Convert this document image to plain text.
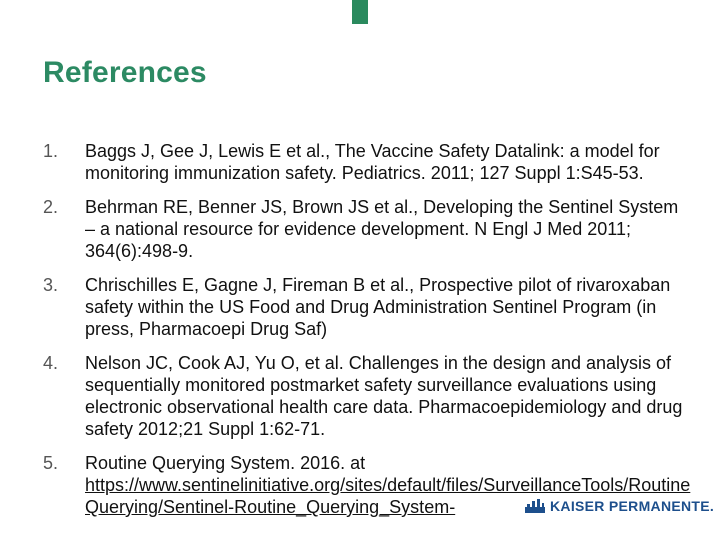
References
1.	Baggs J, Gee J, Lewis E et al., The Vaccine Safety Datalink: a model for monitoring immunization safety. Pediatrics. 2011; 127 Suppl 1:S45-53.
2.	Behrman RE, Benner JS, Brown JS et al., Developing the Sentinel System – a national resource for evidence development. N Engl J Med 2011; 364(6):498-9.
3.	Chrischilles E, Gagne J, Fireman B et al., Prospective pilot of rivaroxaban safety within the US Food and Drug Administration Sentinel Program (in press, Pharmacoepi Drug Saf)
4.	Nelson JC, Cook AJ, Yu O, et al. Challenges in the design and analysis of sequentially monitored postmarket safety surveillance evaluations using electronic observational health care data. Pharmacoepidemiology and drug safety 2012;21 Suppl 1:62-71.
5.	Routine Querying System. 2016. at
https://www.sentinelinitiative.org/sites/default/files/SurveillanceTools/RoutineQuerying/Sentinel-Routine_Querying_System-	KAISER PERMANENTE.
